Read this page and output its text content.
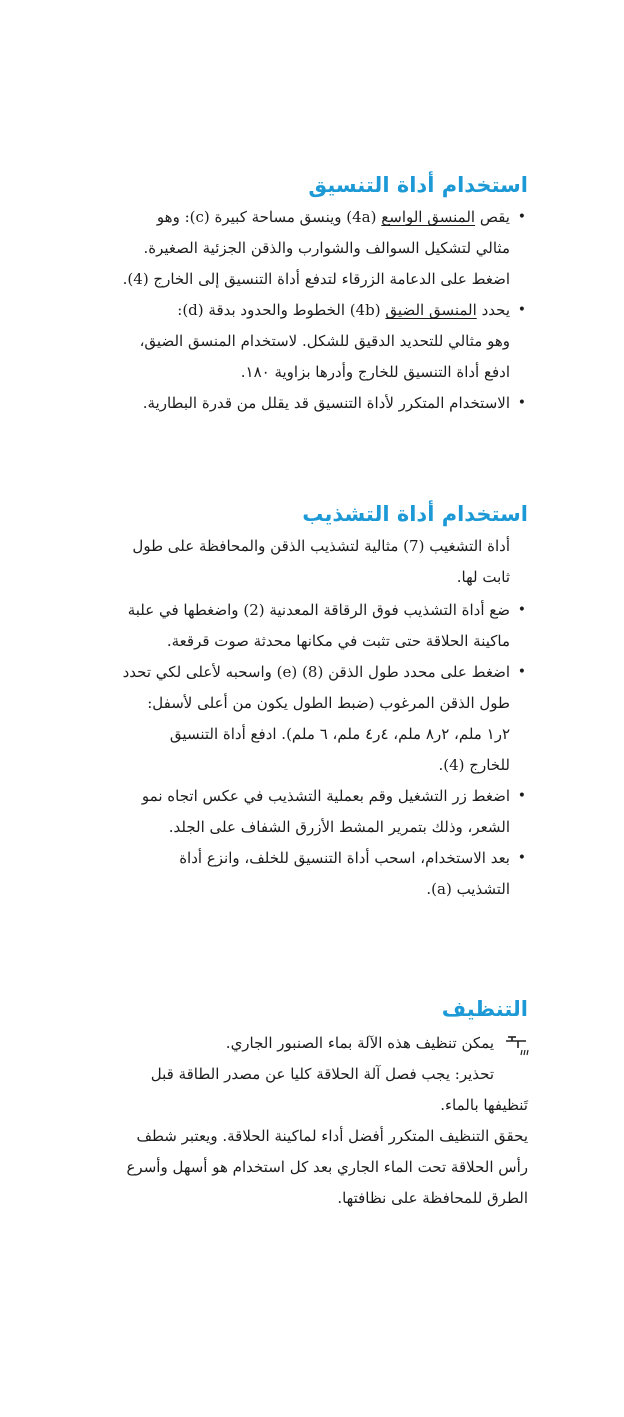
استخدام أداة التنسيق
• يقص المنسق الواسع (4a) وينسق مساحة كبيرة (c): وهو
مثالي لتشكيل السوالف والشوارب والذقن الجزئية الصغيرة.
اضغط على الدعامة الزرقاء لتدفع أداة التنسيق إلى الخارج (4).
• يحدد المنسق الضيق (4b) الخطوط والحدود بدقة (d):
وهو مثالي للتحديد الدقيق للشكل. لاستخدام المنسق الضيق،
ادفع أداة التنسيق للخارج وأدرها بزاوية ١٨٠.
• الاستخدام المتكرر لأداة التنسيق قد يقلل من قدرة البطارية.
استخدام أداة التشذيب

أداة التشغيب (7) مثالية لتشذيب الذقن والمحافظة على طول
ثابت لها.

• ضع أداة التشذيب فوق الرقاقة المعدنية (2) واضغطها في علبة
ماكينة الحلاقة حتى تثبت في مكانها محدثة صوت قرقعة.
• اضغط على محدد طول الذقن (8) (e) واسحبه لأعلى لكي تحدد
طول الذقن المرغوب (ضبط الطول يكون من أعلى لأسفل:
٢ر١ ملم، ٢ر٨ ملم، ٤ر٤ ملم، ٦ ملم). ادفع أداة التنسيق
للخارج (4).
• اضغط زر التشغيل وقم بعملية التشذيب في عكس اتجاه نمو
الشعر، وذلك بتمرير المشط الأزرق الشفاف على الجلد.
• بعد الاستخدام، اسحب أداة التنسيق للخلف، وانزع أداة
التشذيب (a).
التنظيف
يمكن تنظيف هذه الآلة بماء الصنبور الجاري.
تحذير: يجب فصل آلة الحلاقة كليا عن مصدر الطاقة قبل
تَنظيفها بالماء.
يحقق التنظيف المتكرر أفضل أداء لماكينة الحلاقة. ويعتبر شطف
رأس الحلاقة تحت الماء الجاري بعد كل استخدام هو أسهل وأسرع
الطرق للمحافظة على نظافتها.
